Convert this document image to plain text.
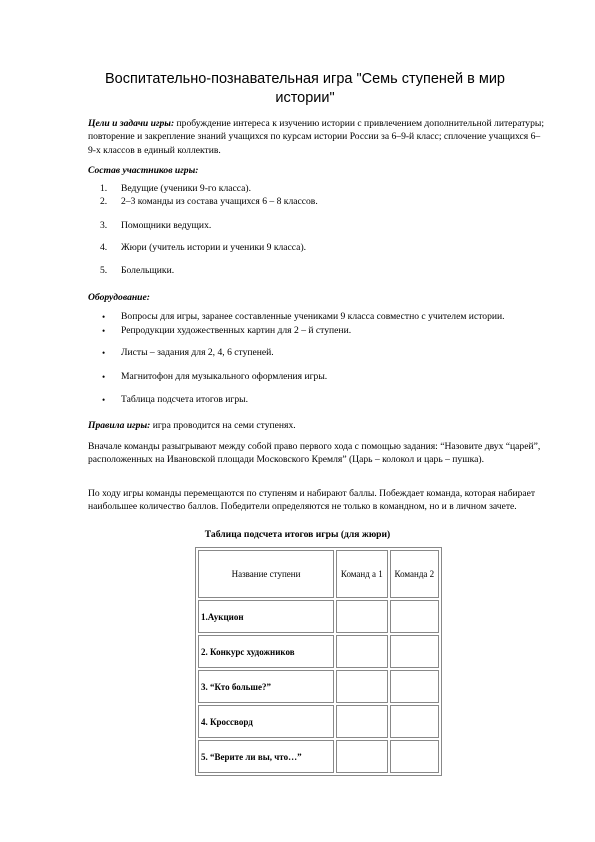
Воспитательно-познавательная игра "Семь ступеней в мир истории"

Цели и задачи игры: пробуждение интереса к изучению истории с привлечением дополнительной литературы; повторение и закрепление знаний учащихся по курсам истории России за 6–9-й класс; сплочение учащихся 6–9-х классов в единый коллектив.

Состав участников игры:

1. Ведущие (ученики 9-го класса).
2. 2–3 команды из состава учащихся 6 – 8 классов.
3. Помощники ведущих.
4. Жюри (учитель истории и ученики 9 класса).
5. Болельщики.

Оборудование:

• Вопросы для игры, заранее составленные учениками 9 класса совместно с учителем истории.
• Репродукции художественных картин для 2 – й ступени.
• Листы – задания для 2, 4, 6 ступеней.
• Магнитофон для музыкального оформления игры.
• Таблица подсчета итогов игры.

Правила игры: игра проводится на семи ступенях.

Вначале команды разыгрывают между собой право первого хода с помощью задания: “Назовите двух “царей”, расположенных на Ивановской площади Московского Кремля” (Царь – колокол и царь – пушка).

По ходу игры команды перемещаются по ступеням и набирают баллы. Побеждает команда, которая набирает наибольшее количество баллов. Победители определяются не только в командном, но и в личном зачете.

Таблица подсчета итогов игры (для жюри)
Название ступени	Команд а 1	Команда 2
1.Аукцион		
2. Конкурс художников		
3. “Кто больше?”		
4. Кроссворд		
5. “Верите ли вы, что…”		
